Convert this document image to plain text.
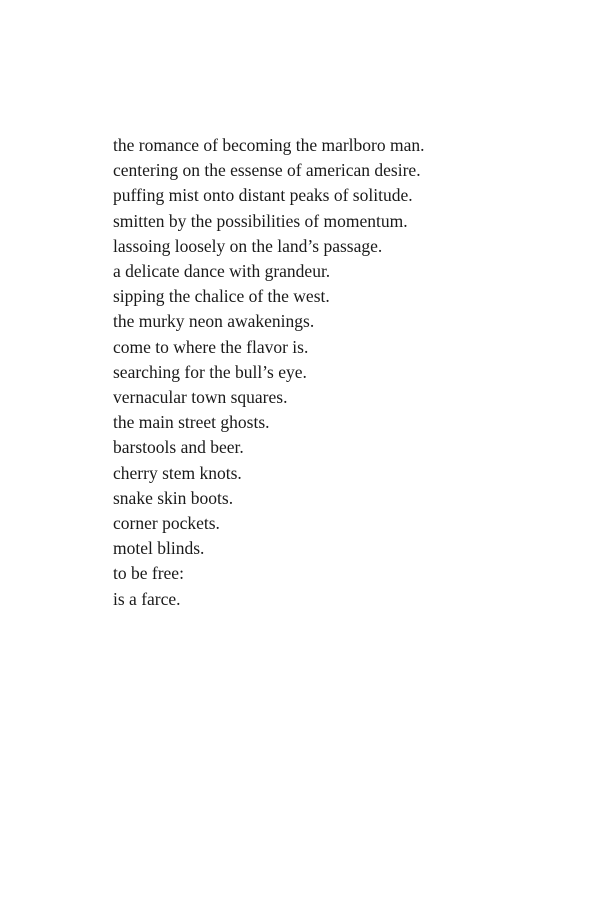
the romance of becoming the marlboro man.
centering on the essense of american desire.
puffing mist onto distant peaks of solitude.
smitten by the possibilities of momentum.
lassoing loosely on the land’s passage.
a delicate dance with grandeur.
sipping the chalice of the west.
the murky neon awakenings.
come to where the flavor is.
searching for the bull’s eye.
vernacular town squares.
the main street ghosts.
barstools and beer.
cherry stem knots.
snake skin boots.
corner pockets.
motel blinds.
to be free:
is a farce.
